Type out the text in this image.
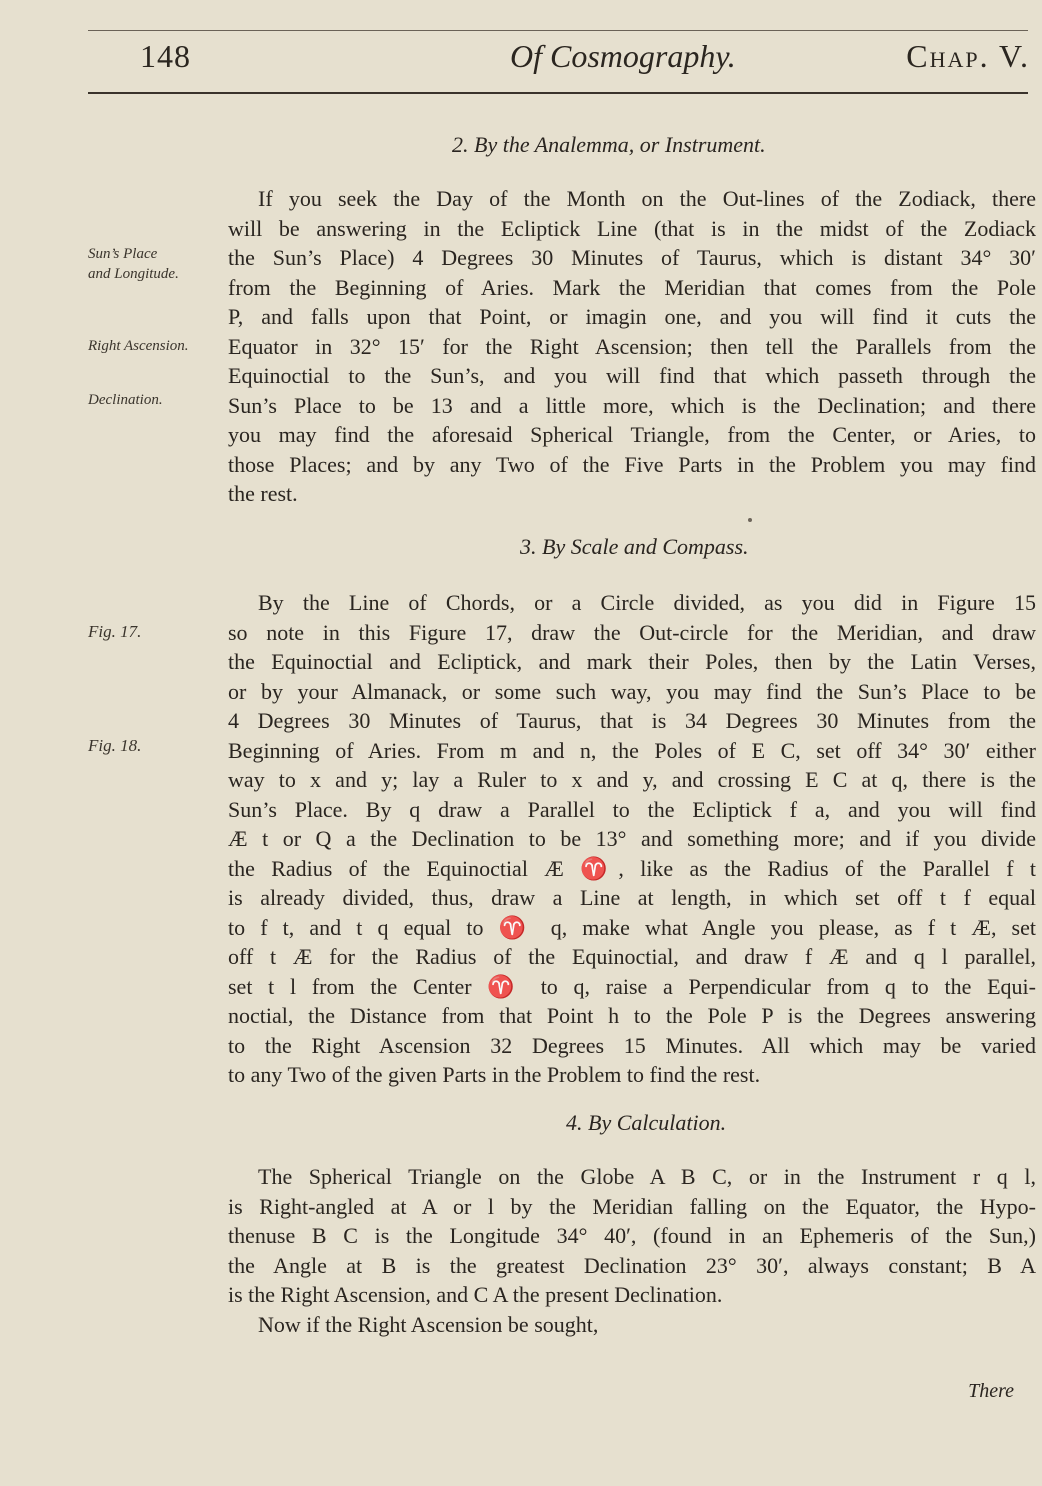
148	Of Cosmography.	Chap. V.
2. By the Analemma, or Instrument.
If you seek the Day of the Month on the Out-lines of the Zodiack, there
will be answering in the Ecliptick Line (that is in the midst of the Zodiack
the Sun’s Place) 4 Degrees 30 Minutes of Taurus, which is distant 34° 30′
from the Beginning of Aries. Mark the Meridian that comes from the Pole
P, and falls upon that Point, or imagin one, and you will find it cuts the
Equator in 32° 15′ for the Right Ascension; then tell the Parallels from the
Equinoctial to the Sun’s, and you will find that which passeth through the
Sun’s Place to be 13 and a little more, which is the Declination; and there
you may find the aforesaid Spherical Triangle, from the Center, or Aries, to
those Places; and by any Two of the Five Parts in the Problem you may find
the rest.
Sun’s Place
and Longitude.
Right Ascension.
Declination.
3. By Scale and Compass.
By the Line of Chords, or a Circle divided, as you did in Figure 15
so note in this Figure 17, draw the Out-circle for the Meridian, and draw
the Equinoctial and Ecliptick, and mark their Poles, then by the Latin Verses,
or by your Almanack, or some such way, you may find the Sun’s Place to be
4 Degrees 30 Minutes of Taurus, that is 34 Degrees 30 Minutes from the
Beginning of Aries. From m and n, the Poles of E C, set off 34° 30′ either
way to x and y; lay a Ruler to x and y, and crossing E C at q, there is the
Sun’s Place. By q draw a Parallel to the Ecliptick f a, and you will find
Æ t or Q a the Declination to be 13° and something more; and if you divide
the Radius of the Equinoctial Æ ♈, like as the Radius of the Parallel f t
is already divided, thus, draw a Line at length, in which set off t f equal
to f t, and t q equal to ♈ q, make what Angle you please, as f t Æ, set
off t Æ for the Radius of the Equinoctial, and draw f Æ and q l parallel,
set t l from the Center ♈ to q, raise a Perpendicular from q to the Equi-
noctial, the Distance from that Point h to the Pole P is the Degrees answering
to the Right Ascension 32 Degrees 15 Minutes. All which may be varied
to any Two of the given Parts in the Problem to find the rest.
Fig. 17.
Fig. 18.
4. By Calculation.
The Spherical Triangle on the Globe A B C, or in the Instrument r q l,
is Right-angled at A or l by the Meridian falling on the Equator, the Hypo-
thenuse B C is the Longitude 34° 40′, (found in an Ephemeris of the Sun,)
the Angle at B is the greatest Declination 23° 30′, always constant; B A
is the Right Ascension, and C A the present Declination.
Now if the Right Ascension be sought,
There
